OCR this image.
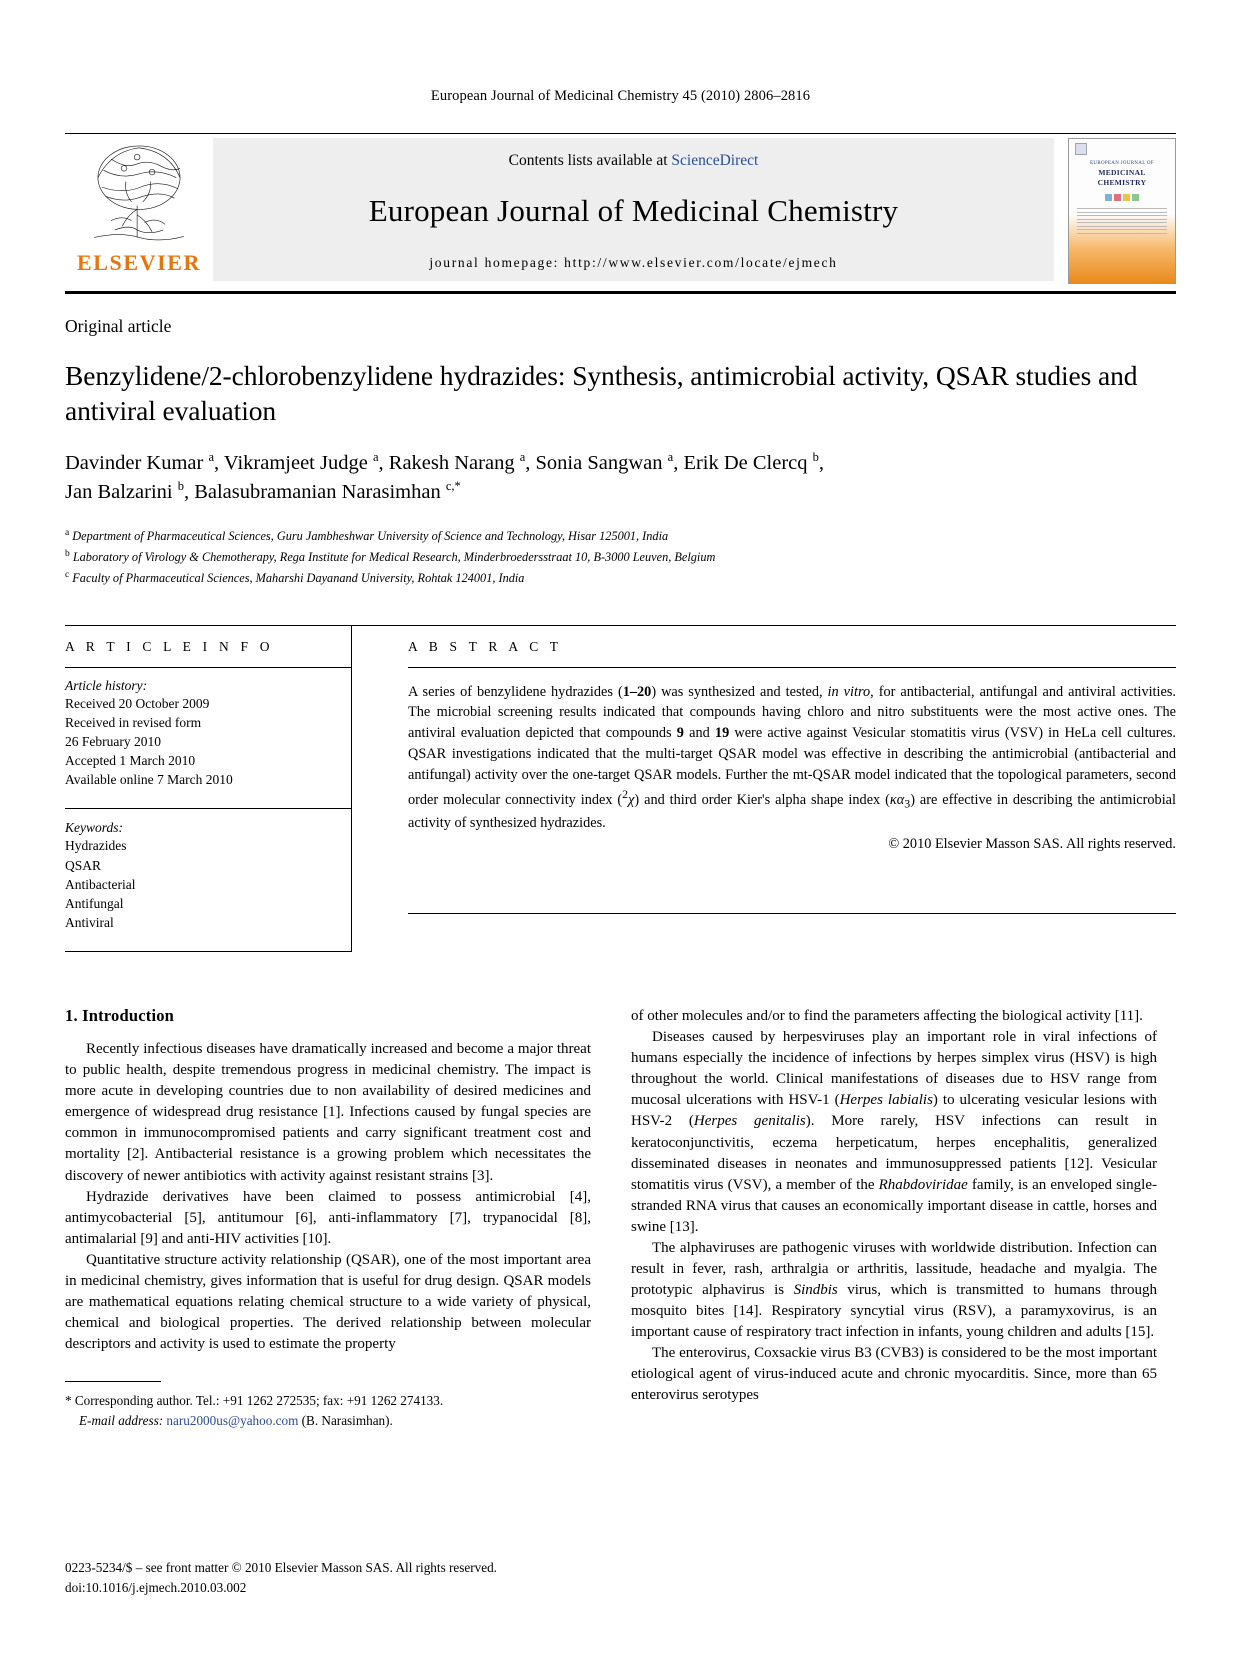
European Journal of Medicinal Chemistry 45 (2010) 2806–2816
ELSEVIER
Contents lists available at ScienceDirect
European Journal of Medicinal Chemistry
journal homepage: http://www.elsevier.com/locate/ejmech
EUROPEAN JOURNAL OF
MEDICINAL
CHEMISTRY
Original article
Benzylidene/2-chlorobenzylidene hydrazides: Synthesis, antimicrobial activity, QSAR studies and antiviral evaluation
Davinder Kumar $^a$, Vikramjeet Judge $^a$, Rakesh Narang $^a$, Sonia Sangwan $^a$, Erik De Clercq $^b$,
Jan Balzarini $^b$, Balasubramanian Narasimhan $^{c,*}$
$^a$ Department of Pharmaceutical Sciences, Guru Jambheshwar University of Science and Technology, Hisar 125001, India
$^b$ Laboratory of Virology & Chemotherapy, Rega Institute for Medical Research, Minderbroedersstraat 10, B-3000 Leuven, Belgium
$^c$ Faculty of Pharmaceutical Sciences, Maharshi Dayanand University, Rohtak 124001, India
A R T I C L E I N F O
Article history:
Received 20 October 2009
Received in revised form
26 February 2010
Accepted 1 March 2010
Available online 7 March 2010
Keywords:
Hydrazides
QSAR
Antibacterial
Antifungal
Antiviral
A B S T R A C T
A series of benzylidene hydrazides (1–20) was synthesized and tested, in vitro, for antibacterial, antifungal and antiviral activities. The microbial screening results indicated that compounds having chloro and nitro substituents were the most active ones. The antiviral evaluation depicted that compounds 9 and 19 were active against Vesicular stomatitis virus (VSV) in HeLa cell cultures. QSAR investigations indicated that the multi-target QSAR model was effective in describing the antimicrobial (antibacterial and antifungal) activity over the one-target QSAR models. Further the mt-QSAR model indicated that the topological parameters, second order molecular connectivity index ($^2$χ) and third order Kier's alpha shape index $(\kappa\alpha_3)$ are effective in describing the antimicrobial activity of synthesized hydrazides.
© 2010 Elsevier Masson SAS. All rights reserved.
1. Introduction

Recently infectious diseases have dramatically increased and become a major threat to public health, despite tremendous progress in medicinal chemistry. The impact is more acute in developing countries due to non availability of desired medicines and emergence of widespread drug resistance [1]. Infections caused by fungal species are common in immunocompromised patients and carry significant treatment cost and mortality [2]. Antibacterial resistance is a growing problem which necessitates the discovery of newer antibiotics with activity against resistant strains [3].

Hydrazide derivatives have been claimed to possess antimicrobial [4], antimycobacterial [5], antitumour [6], anti-inflammatory [7], trypanocidal [8], antimalarial [9] and anti-HIV activities [10].

Quantitative structure activity relationship (QSAR), one of the most important area in medicinal chemistry, gives information that is useful for drug design. QSAR models are mathematical equations relating chemical structure to a wide variety of physical, chemical and biological properties. The derived relationship between molecular descriptors and activity is used to estimate the property

* Corresponding author. Tel.: +91 1262 272535; fax: +91 1262 274133.
E-mail address: naru2000us@yahoo.com (B. Narasimhan).

of other molecules and/or to find the parameters affecting the biological activity [11].

Diseases caused by herpesviruses play an important role in viral infections of humans especially the incidence of infections by herpes simplex virus (HSV) is high throughout the world. Clinical manifestations of diseases due to HSV range from mucosal ulcerations with HSV-1 (Herpes labialis) to ulcerating vesicular lesions with HSV-2 (Herpes genitalis). More rarely, HSV infections can result in keratoconjunctivitis, eczema herpeticatum, herpes encephalitis, generalized disseminated diseases in neonates and immunosuppressed patients [12]. Vesicular stomatitis virus (VSV), a member of the Rhabdoviridae family, is an enveloped single-stranded RNA virus that causes an economically important disease in cattle, horses and swine [13].

The alphaviruses are pathogenic viruses with worldwide distribution. Infection can result in fever, rash, arthralgia or arthritis, lassitude, headache and myalgia. The prototypic alphavirus is Sindbis virus, which is transmitted to humans through mosquito bites [14]. Respiratory syncytial virus (RSV), a paramyxovirus, is an important cause of respiratory tract infection in infants, young children and adults [15].

The enterovirus, Coxsackie virus B3 (CVB3) is considered to be the most important etiological agent of virus-induced acute and chronic myocarditis. Since, more than 65 enterovirus serotypes

0223-5234/$ – see front matter © 2010 Elsevier Masson SAS. All rights reserved.
doi:10.1016/j.ejmech.2010.03.002
